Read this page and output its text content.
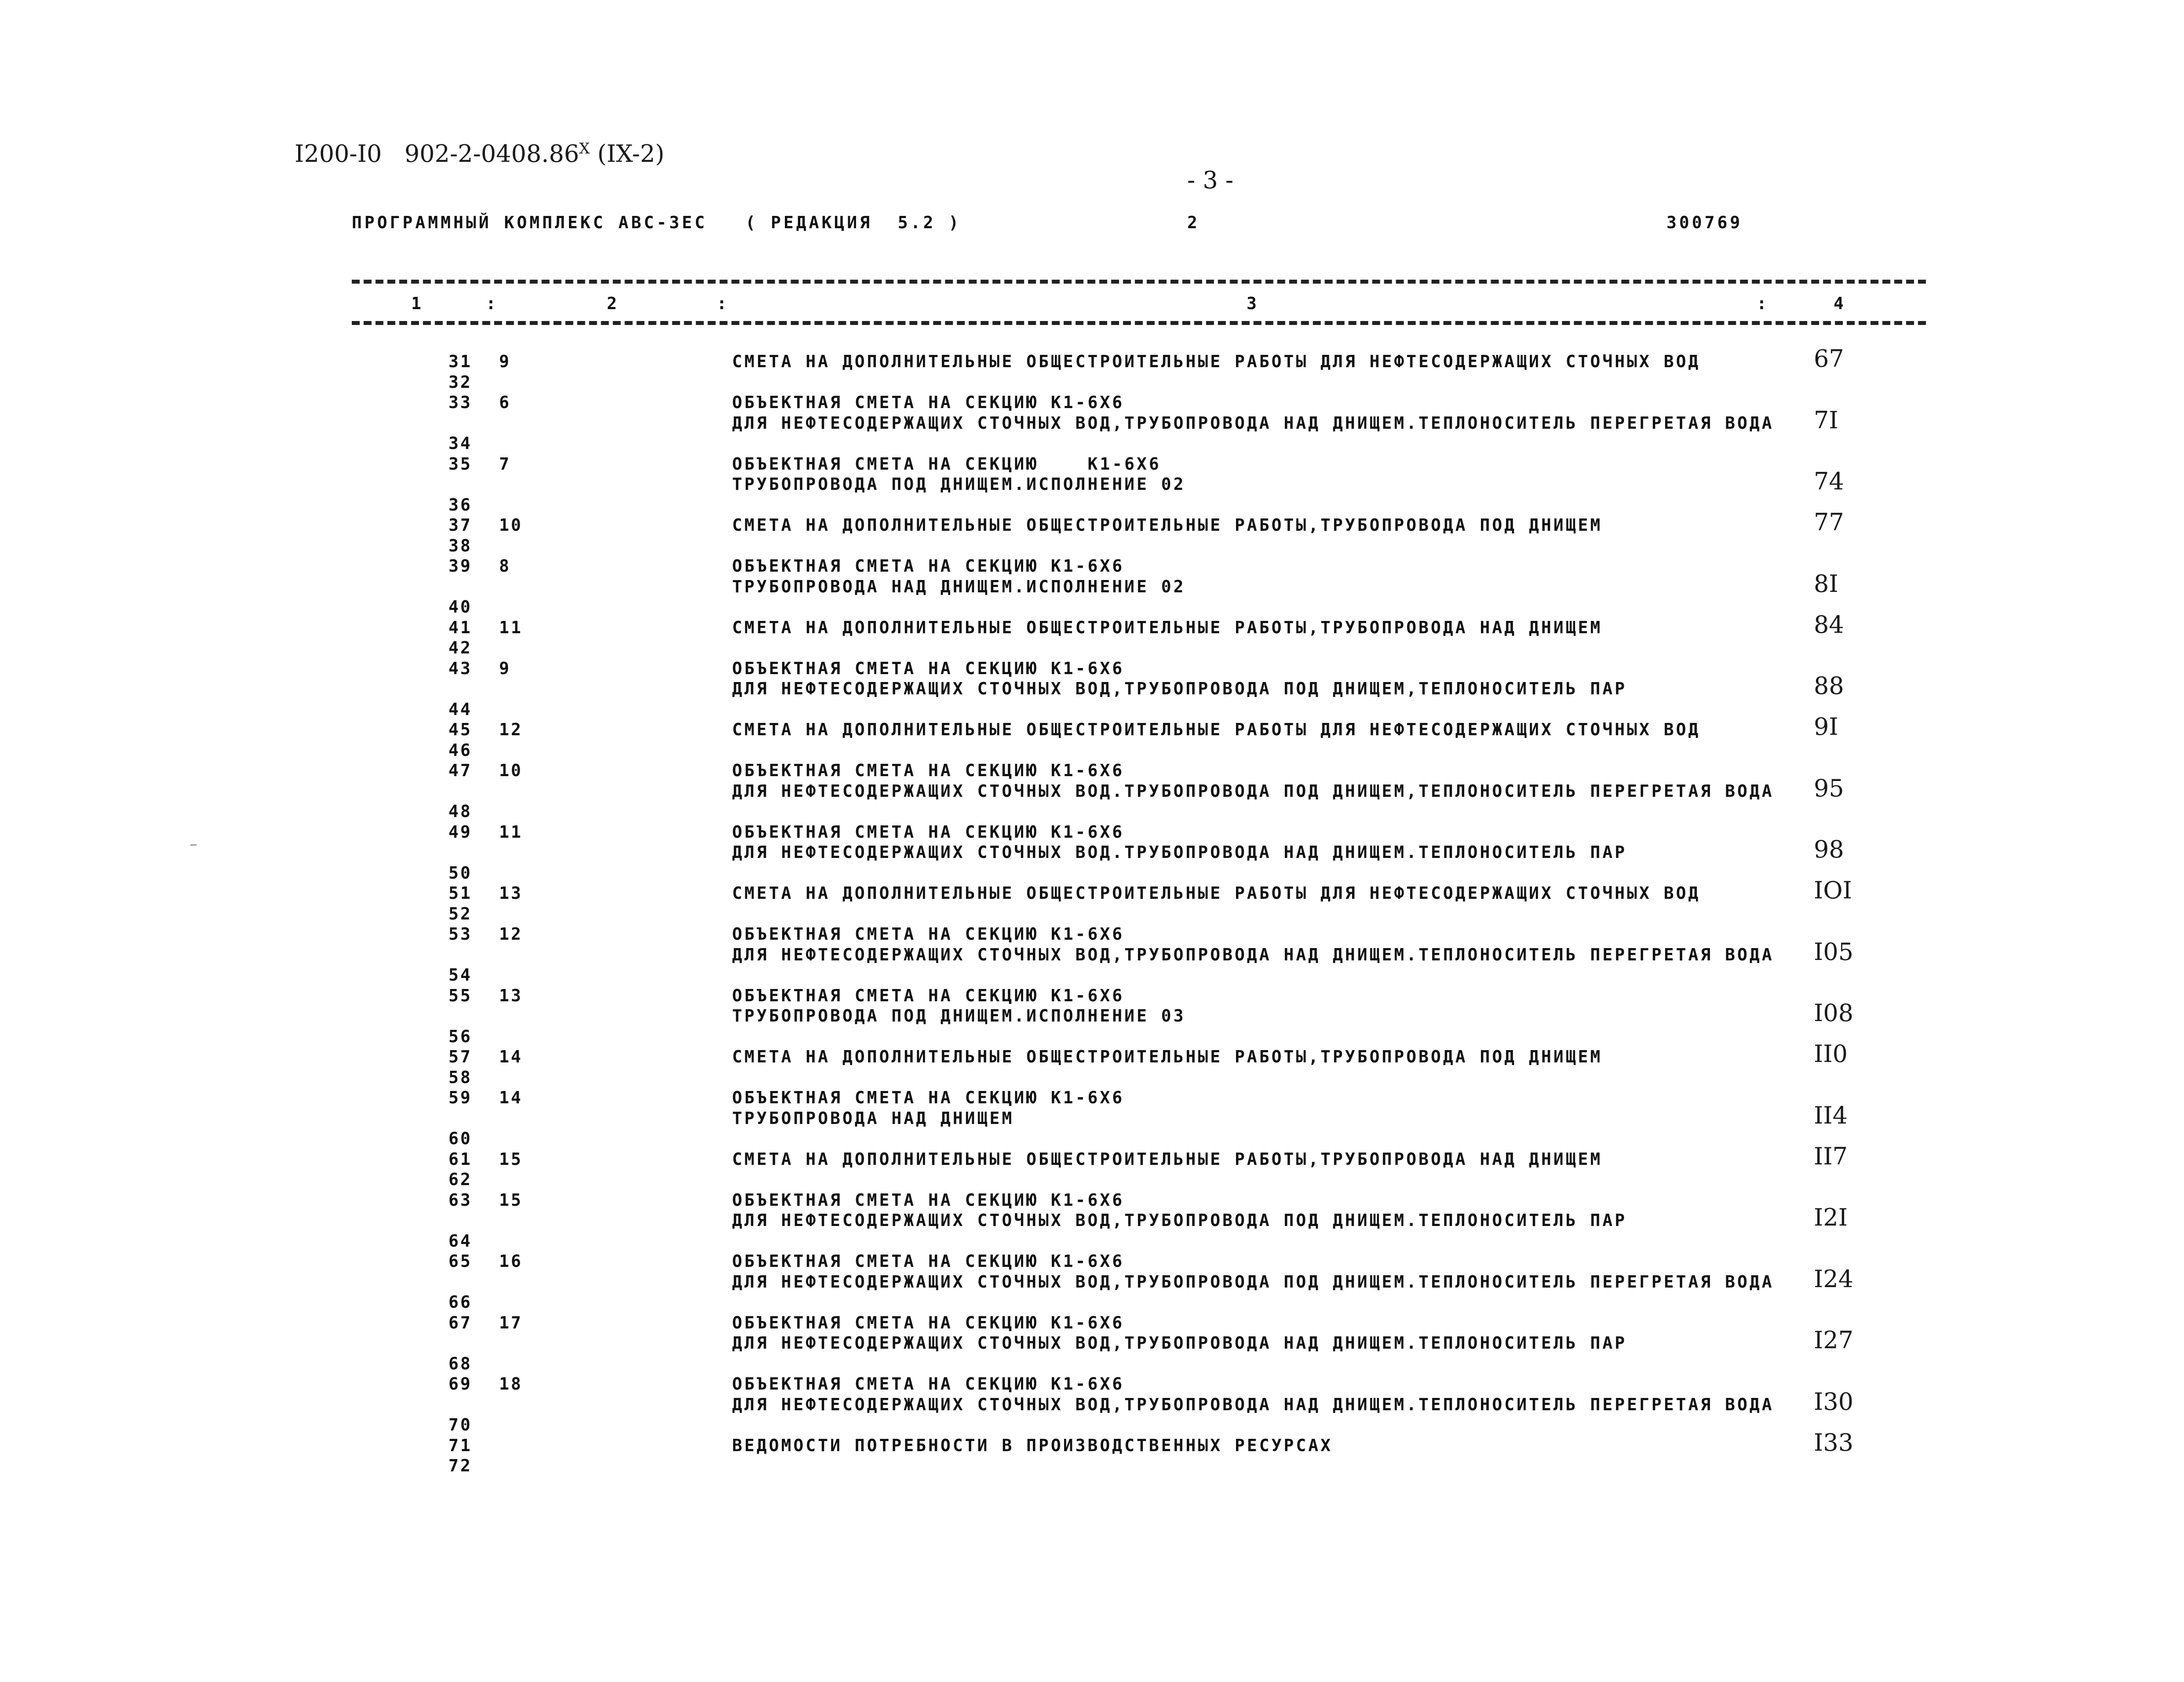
I200-I0   $902-2-0408.86^X$ (IX-2)
- 3 -
ПРОГРАММНЫЙ КОМПЛЕКС АВС-ЗЕС   ( РЕДАКЦИЯ  5.2 )	2	300769
1	:	2	:	3	:	4
31 9	СМЕТА НА ДОПОЛНИТЕЛЬНЫЕ ОБЩЕСТРОИТЕЛЬНЫЕ РАБОТЫ ДЛЯ НЕФТЕСОДЕРЖАЩИХ СТОЧНЫХ ВОД	67
32
33 6	ОБЪЕКТНАЯ СМЕТА НА СЕКЦИЮ К1-6Х6
ДЛЯ НЕФТЕСОДЕРЖАЩИХ СТОЧНЫХ ВОД,ТРУБОПРОВОДА НАД ДНИЩЕМ.ТЕПЛОНОСИТЕЛЬ ПЕРЕГРЕТАЯ ВОДА 7I
34
35 7	ОБЪЕКТНАЯ СМЕТА НА СЕКЦИЮ    К1-6Х6
ТРУБОПРОВОДА ПОД ДНИЩЕМ.ИСПОЛНЕНИЕ 02	74
36
37 10	СМЕТА НА ДОПОЛНИТЕЛЬНЫЕ ОБЩЕСТРОИТЕЛЬНЫЕ РАБОТЫ,ТРУБОПРОВОДА ПОД ДНИЩЕМ	77
38
39 8	ОБЪЕКТНАЯ СМЕТА НА СЕКЦИЮ К1-6Х6
ТРУБОПРОВОДА НАД ДНИЩЕМ.ИСПОЛНЕНИЕ 02	8I
40
41 11	СМЕТА НА ДОПОЛНИТЕЛЬНЫЕ ОБЩЕСТРОИТЕЛЬНЫЕ РАБОТЫ,ТРУБОПРОВОДА НАД ДНИЩЕМ	84
42
43 9	ОБЪЕКТНАЯ СМЕТА НА СЕКЦИЮ К1-6Х6
ДЛЯ НЕФТЕСОДЕРЖАЩИХ СТОЧНЫХ ВОД,ТРУБОПРОВОДА ПОД ДНИЩЕМ,ТЕПЛОНОСИТЕЛЬ ПАР	88
44
45 12	СМЕТА НА ДОПОЛНИТЕЛЬНЫЕ ОБЩЕСТРОИТЕЛЬНЫЕ РАБОТЫ ДЛЯ НЕФТЕСОДЕРЖАЩИХ СТОЧНЫХ ВОД	9I
46
47 10	ОБЪЕКТНАЯ СМЕТА НА СЕКЦИЮ К1-6Х6
ДЛЯ НЕФТЕСОДЕРЖАЩИХ СТОЧНЫХ ВОД.ТРУБОПРОВОДА ПОД ДНИЩЕМ,ТЕПЛОНОСИТЕЛЬ ПЕРЕГРЕТАЯ ВОДА 95
48
49 11	ОБЪЕКТНАЯ СМЕТА НА СЕКЦИЮ К1-6Х6
ДЛЯ НЕФТЕСОДЕРЖАЩИХ СТОЧНЫХ ВОД.ТРУБОПРОВОДА НАД ДНИЩЕМ.ТЕПЛОНОСИТЕЛЬ ПАР	98
50
51 13	СМЕТА НА ДОПОЛНИТЕЛЬНЫЕ ОБЩЕСТРОИТЕЛЬНЫЕ РАБОТЫ ДЛЯ НЕФТЕСОДЕРЖАЩИХ СТОЧНЫХ ВОД	IOI
52
53 12	ОБЪЕКТНАЯ СМЕТА НА СЕКЦИЮ К1-6Х6
ДЛЯ НЕФТЕСОДЕРЖАЩИХ СТОЧНЫХ ВОД,ТРУБОПРОВОДА НАД ДНИЩЕМ.ТЕПЛОНОСИТЕЛЬ ПЕРЕГРЕТАЯ ВОДА I05
54
55 13	ОБЪЕКТНАЯ СМЕТА НА СЕКЦИЮ К1-6Х6
ТРУБОПРОВОДА ПОД ДНИЩЕМ.ИСПОЛНЕНИЕ 03	I08
56
57 14	СМЕТА НА ДОПОЛНИТЕЛЬНЫЕ ОБЩЕСТРОИТЕЛЬНЫЕ РАБОТЫ,ТРУБОПРОВОДА ПОД ДНИЩЕМ	II0
58
59 14	ОБЪЕКТНАЯ СМЕТА НА СЕКЦИЮ К1-6Х6
ТРУБОПРОВОДА НАД ДНИЩЕМ	II4
60
61 15	СМЕТА НА ДОПОЛНИТЕЛЬНЫЕ ОБЩЕСТРОИТЕЛЬНЫЕ РАБОТЫ,ТРУБОПРОВОДА НАД ДНИЩЕМ	II7
62
63 15	ОБЪЕКТНАЯ СМЕТА НА СЕКЦИЮ К1-6Х6
ДЛЯ НЕФТЕСОДЕРЖАЩИХ СТОЧНЫХ ВОД,ТРУБОПРОВОДА ПОД ДНИЩЕМ.ТЕПЛОНОСИТЕЛЬ ПАР	I2I
64
65 16	ОБЪЕКТНАЯ СМЕТА НА СЕКЦИЮ К1-6Х6
ДЛЯ НЕФТЕСОДЕРЖАЩИХ СТОЧНЫХ ВОД,ТРУБОПРОВОДА ПОД ДНИЩЕМ.ТЕПЛОНОСИТЕЛЬ ПЕРЕГРЕТАЯ ВОДА I24
66
67 17	ОБЪЕКТНАЯ СМЕТА НА СЕКЦИЮ К1-6Х6
ДЛЯ НЕФТЕСОДЕРЖАЩИХ СТОЧНЫХ ВОД,ТРУБОПРОВОДА НАД ДНИЩЕМ.ТЕПЛОНОСИТЕЛЬ ПАР	I27
68
69 18	ОБЪЕКТНАЯ СМЕТА НА СЕКЦИЮ К1-6Х6
ДЛЯ НЕФТЕСОДЕРЖАЩИХ СТОЧНЫХ ВОД,ТРУБОПРОВОДА НАД ДНИЩЕМ.ТЕПЛОНОСИТЕЛЬ ПЕРЕГРЕТАЯ ВОДА I30
70
71	ВЕДОМОСТИ ПОТРЕБНОСТИ В ПРОИЗВОДСТВЕННЫХ РЕСУРСАХ	I33
72
